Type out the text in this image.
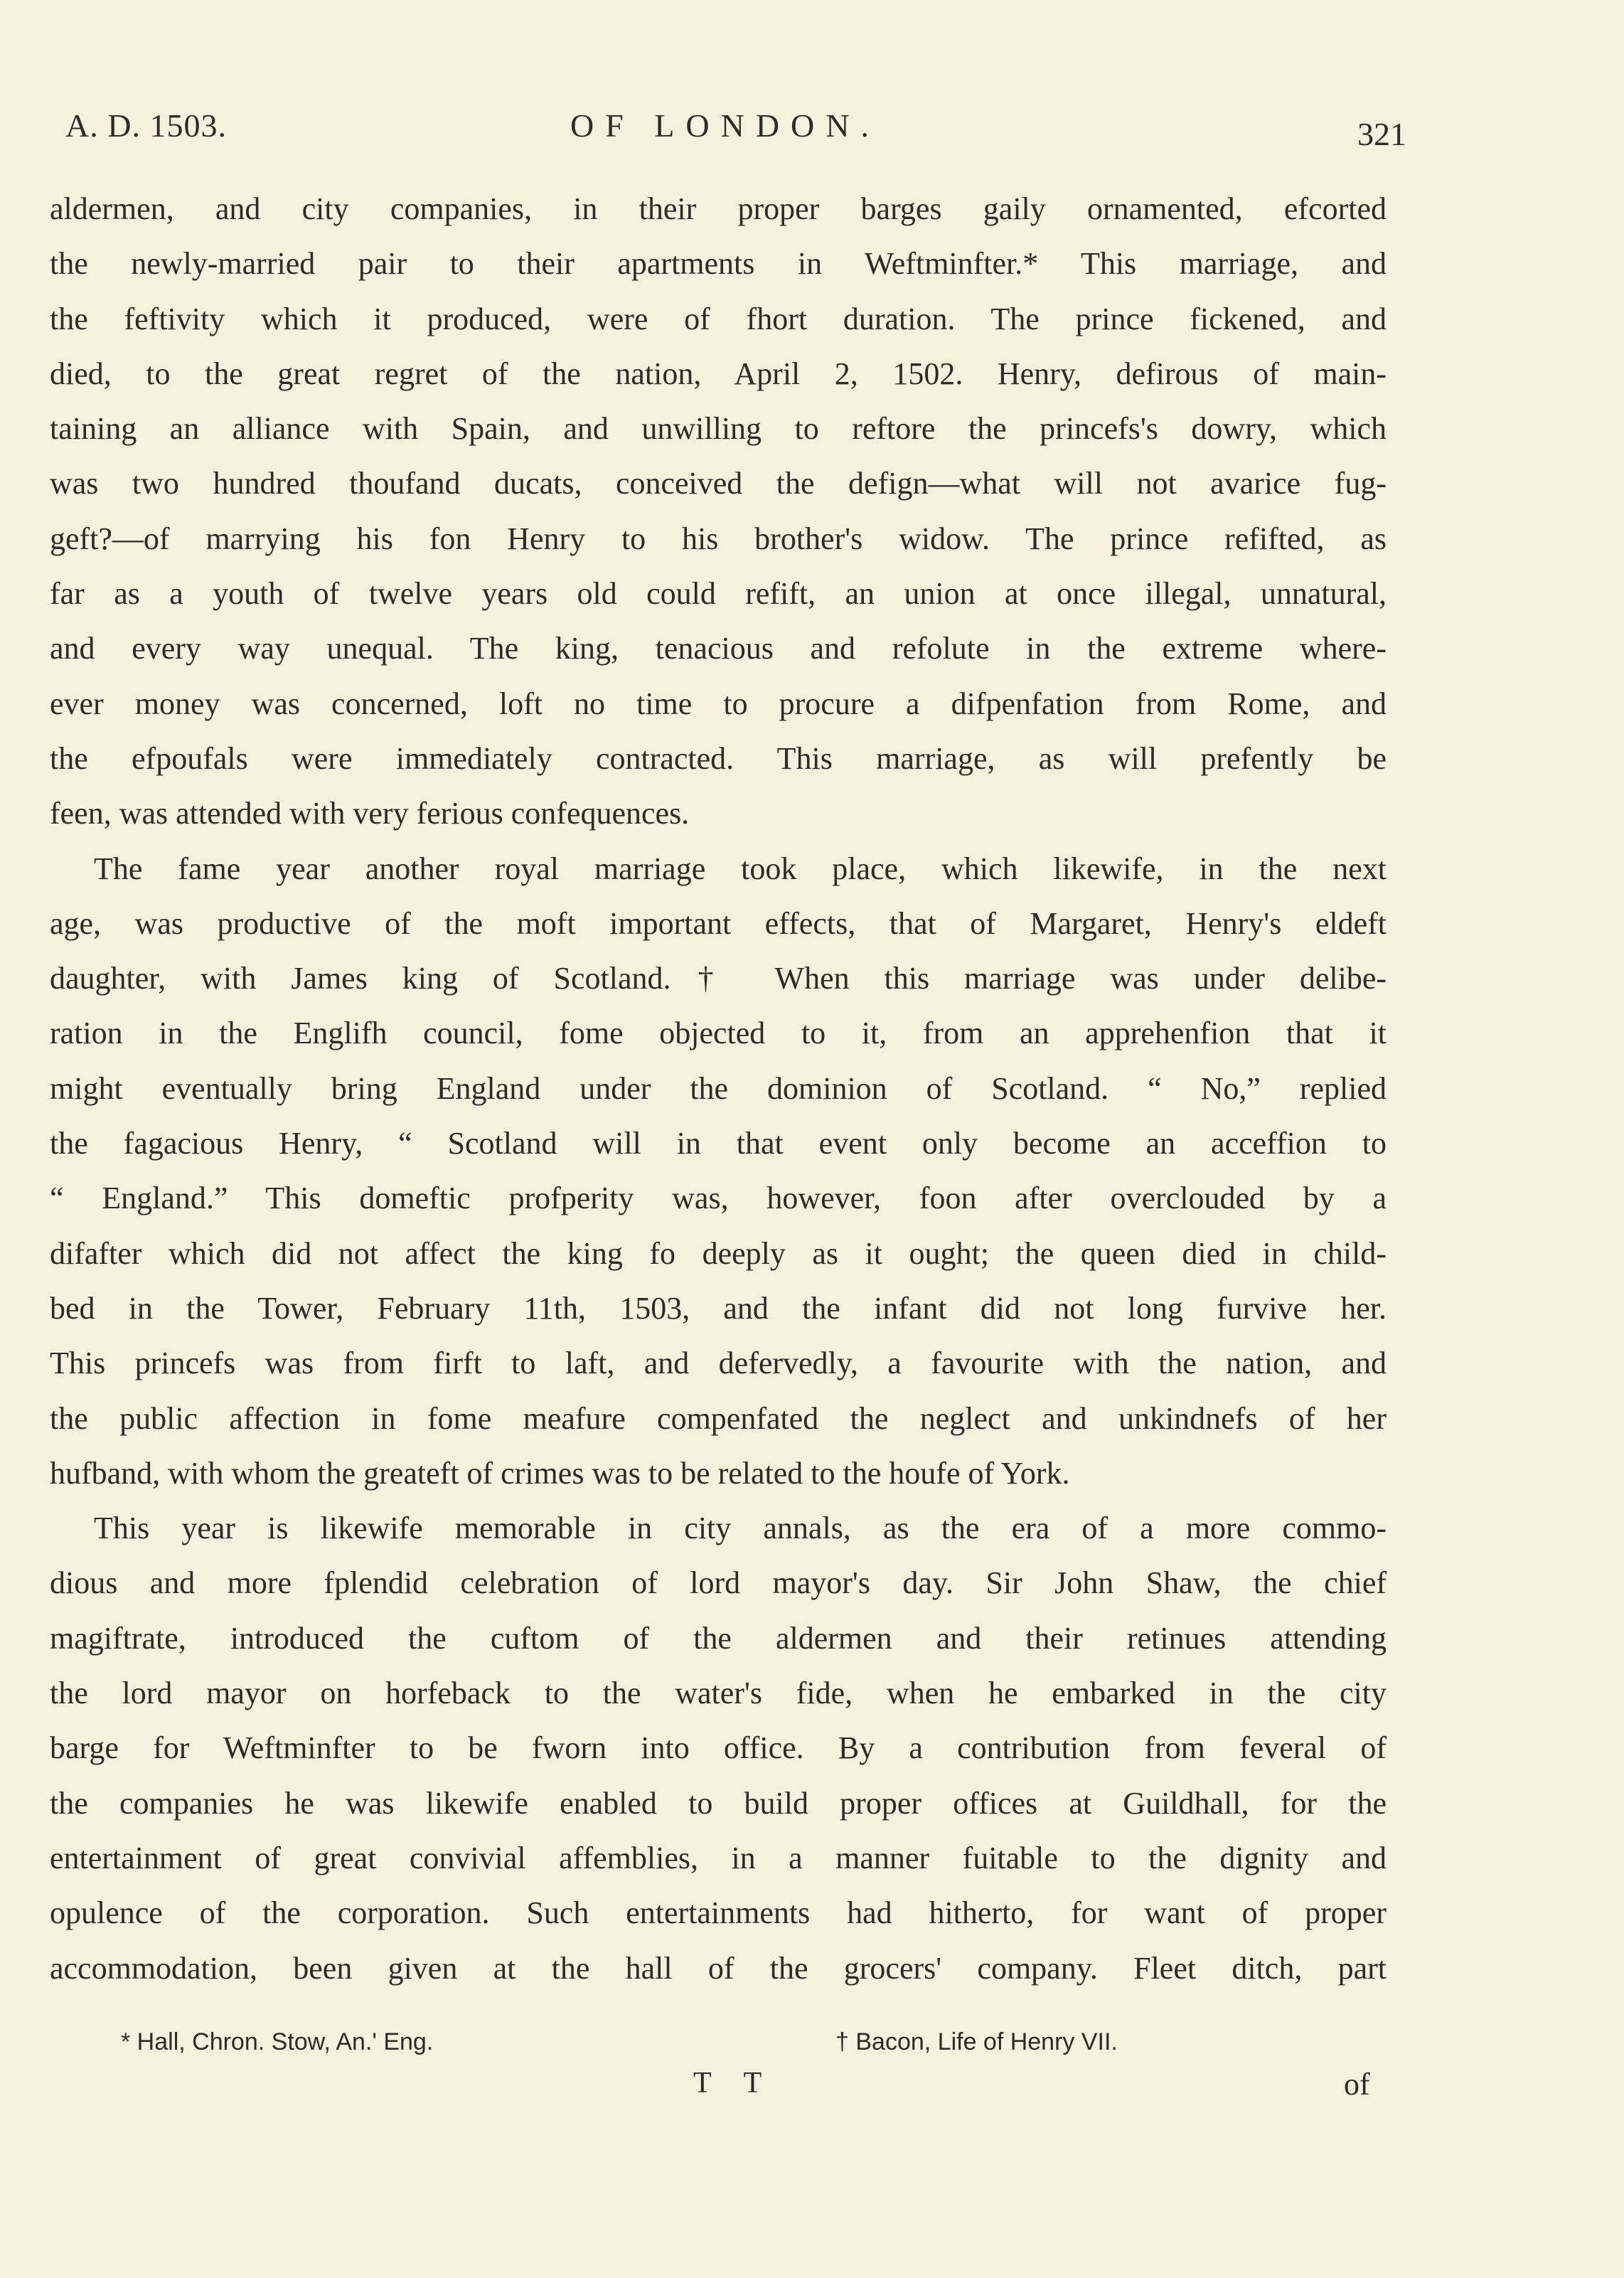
A. D. 1503.	OF LONDON.	321
aldermen, and city companies, in their proper barges gaily ornamented, efcorted
the newly-married pair to their apartments in Weftminfter.* This marriage, and
the feftivity which it produced, were of fhort duration. The prince fickened, and
died, to the great regret of the nation, April 2, 1502. Henry, defirous of main-
taining an alliance with Spain, and unwilling to reftore the princefs's dowry, which
was two hundred thoufand ducats, conceived the defign—what will not avarice fug-
geft?—of marrying his fon Henry to his brother's widow. The prince refifted, as
far as a youth of twelve years old could refift, an union at once illegal, unnatural,
and every way unequal. The king, tenacious and refolute in the extreme where-
ever money was concerned, loft no time to procure a difpenfation from Rome, and
the efpoufals were immediately contracted. This marriage, as will prefently be
feen, was attended with very ferious confequences.
The fame year another royal marriage took place, which likewife, in the next
age, was productive of the moft important effects, that of Margaret, Henry's eldeft
daughter, with James king of Scotland.† When this marriage was under delibe-
ration in the Englifh council, fome objected to it, from an apprehenfion that it
might eventually bring England under the dominion of Scotland. “ No,” replied
the fagacious Henry, “ Scotland will in that event only become an acceffion to
“ England.” This domeftic profperity was, however, foon after overclouded by a
difafter which did not affect the king fo deeply as it ought; the queen died in child-
bed in the Tower, February 11th, 1503, and the infant did not long furvive her.
This princefs was from firft to laft, and defervedly, a favourite with the nation, and
the public affection in fome meafure compenfated the neglect and unkindnefs of her
hufband, with whom the greateft of crimes was to be related to the houfe of York.
This year is likewife memorable in city annals, as the era of a more commo-
dious and more fplendid celebration of lord mayor's day. Sir John Shaw, the chief
magiftrate, introduced the cuftom of the aldermen and their retinues attending
the lord mayor on horfeback to the water's fide, when he embarked in the city
barge for Weftminfter to be fworn into office. By a contribution from feveral of
the companies he was likewife enabled to build proper offices at Guildhall, for the
entertainment of great convivial affemblies, in a manner fuitable to the dignity and
opulence of the corporation. Such entertainments had hitherto, for want of proper
accommodation, been given at the hall of the grocers' company. Fleet ditch, part
* Hall, Chron. Stow, An.' Eng.	† Bacon, Life of Henry VII.
T T	of
